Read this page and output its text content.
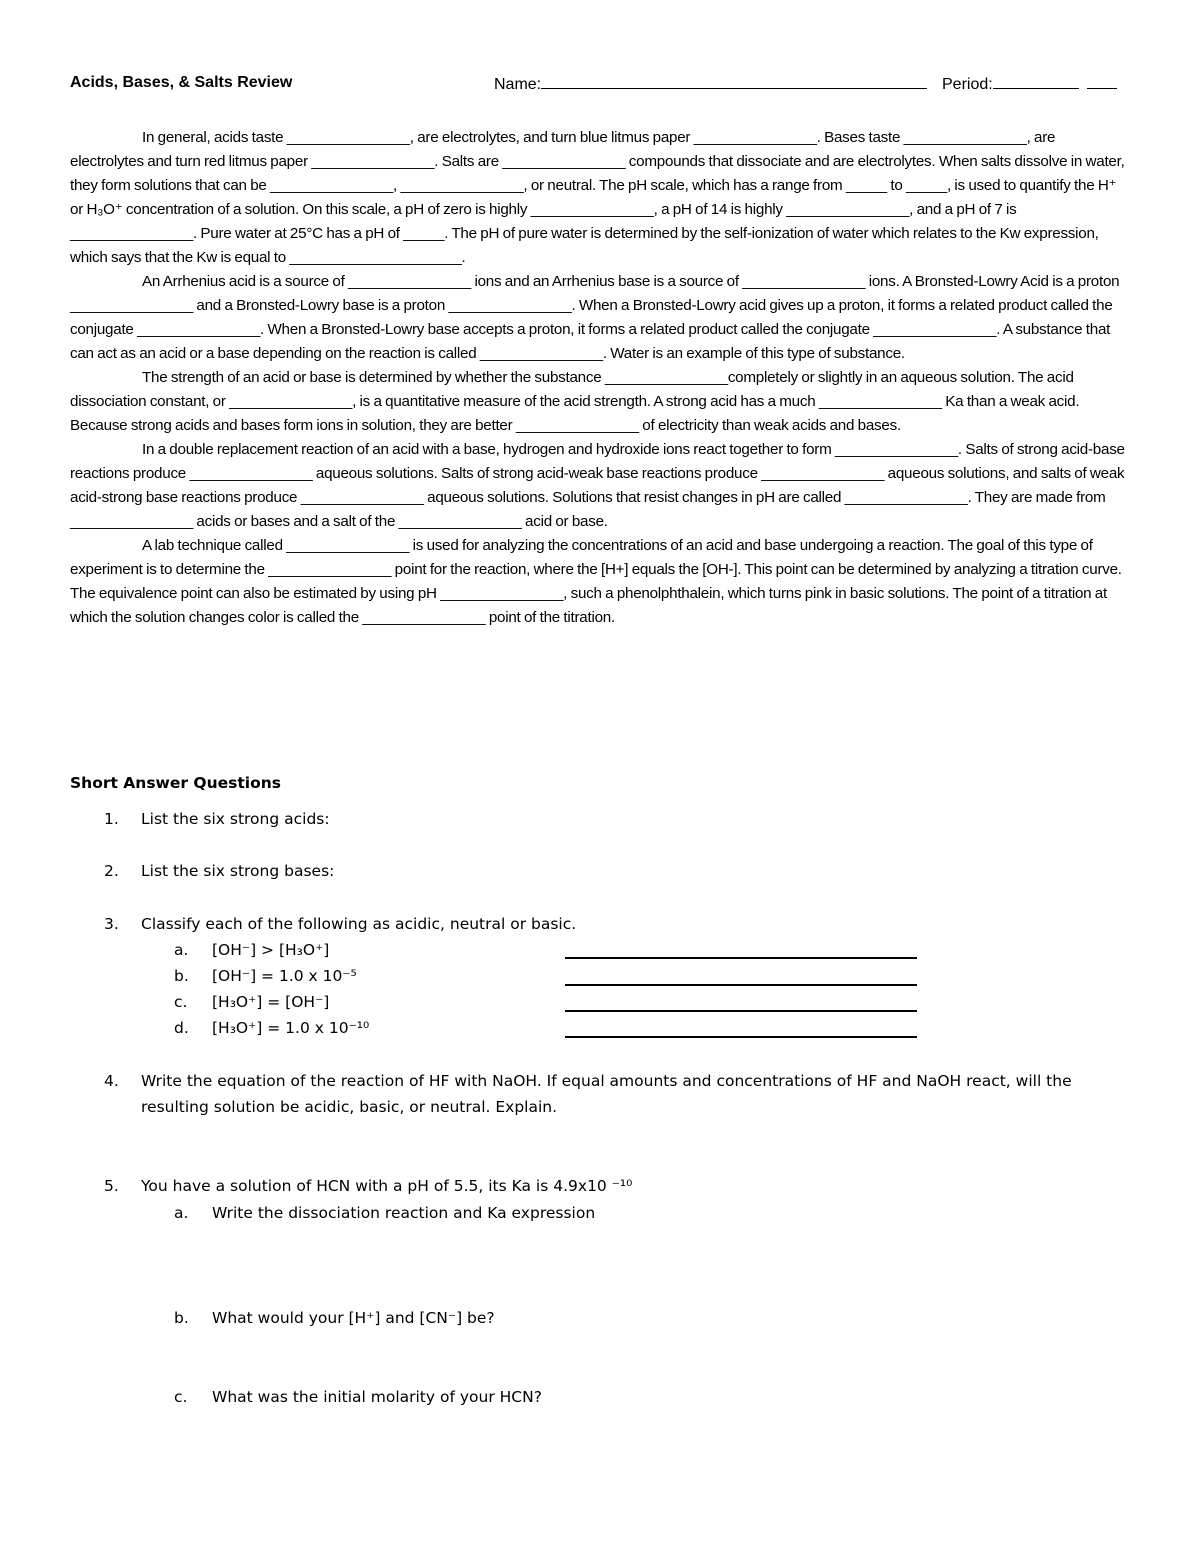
Acids, Bases, & Salts Review	Name:	Period:

In general, acids taste _______________, are electrolytes, and turn blue litmus paper _______________. Bases taste _______________, are electrolytes and turn red litmus paper _______________. Salts are _______________ compounds that dissociate and are electrolytes. When salts dissolve in water, they form solutions that can be _______________, _______________, or neutral. The pH scale, which has a range from _____ to _____, is used to quantify the H⁺ or H₃O⁺ concentration of a solution. On this scale, a pH of zero is highly _______________, a pH of 14 is highly _______________, and a pH of 7 is _______________. Pure water at 25°C has a pH of _____. The pH of pure water is determined by the self-ionization of water which relates to the Kw expression, which says that the Kw is equal to _____________________.

An Arrhenius acid is a source of _______________ ions and an Arrhenius base is a source of _______________ ions. A Bronsted-Lowry Acid is a proton _______________ and a Bronsted-Lowry base is a proton _______________. When a Bronsted-Lowry acid gives up a proton, it forms a related product called the conjugate _______________. When a Bronsted-Lowry base accepts a proton, it forms a related product called the conjugate _______________. A substance that can act as an acid or a base depending on the reaction is called _______________. Water is an example of this type of substance.

The strength of an acid or base is determined by whether the substance _______________completely or slightly in an aqueous solution. The acid dissociation constant, or _______________, is a quantitative measure of the acid strength. A strong acid has a much _______________ Ka than a weak acid. Because strong acids and bases form ions in solution, they are better _______________ of electricity than weak acids and bases.

In a double replacement reaction of an acid with a base, hydrogen and hydroxide ions react together to form _______________. Salts of strong acid-base reactions produce _______________ aqueous solutions. Salts of strong acid-weak base reactions produce _______________ aqueous solutions, and salts of weak acid-strong base reactions produce _______________ aqueous solutions. Solutions that resist changes in pH are called _______________. They are made from _______________ acids or bases and a salt of the _______________ acid or base.

A lab technique called _______________ is used for analyzing the concentrations of an acid and base undergoing a reaction. The goal of this type of experiment is to determine the _______________ point for the reaction, where the [H+] equals the [OH-]. This point can be determined by analyzing a titration curve. The equivalence point can also be estimated by using pH _______________, such a phenolphthalein, which turns pink in basic solutions. The point of a titration at which the solution changes color is called the _______________ point of the titration.

Short Answer Questions
1. List the six strong acids:
2. List the six strong bases:
3. Classify each of the following as acidic, neutral or basic.
a. [OH⁻] > [H₃O⁺]
b. [OH⁻] = 1.0 x 10⁻⁵
c. [H₃O⁺] = [OH⁻]
d. [H₃O⁺] = 1.0 x 10⁻¹⁰
4. Write the equation of the reaction of HF with NaOH. If equal amounts and concentrations of HF and NaOH react, will the resulting solution be acidic, basic, or neutral. Explain.
5. You have a solution of HCN with a pH of 5.5, its Ka is 4.9x10 ⁻¹⁰
a. Write the dissociation reaction and Ka expression
b. What would your [H⁺] and [CN⁻] be?
c. What was the initial molarity of your HCN?
